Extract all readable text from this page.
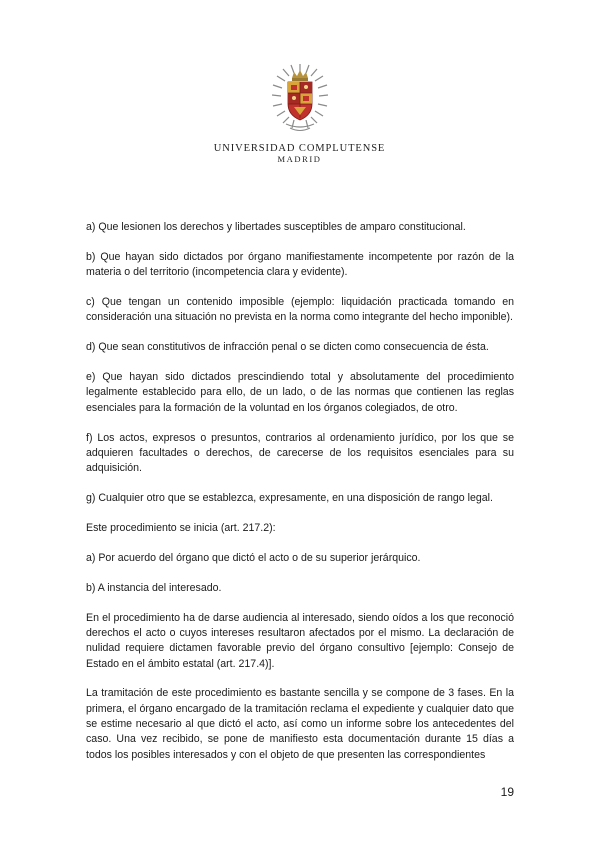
UNIVERSIDAD COMPLUTENSE
MADRID

a) Que lesionen los derechos y libertades susceptibles de amparo constitucional.

b) Que hayan sido dictados por órgano manifiestamente incompetente por razón de la materia o del territorio (incompetencia clara y evidente).

c) Que tengan un contenido imposible (ejemplo: liquidación practicada tomando en consideración una situación no prevista en la norma como integrante del hecho imponible).

d) Que sean constitutivos de infracción penal o se dicten como consecuencia de ésta.

e) Que hayan sido dictados prescindiendo total y absolutamente del procedimiento legalmente establecido para ello, de un lado, o de las normas que contienen las reglas esenciales para la formación de la voluntad en los órganos colegiados, de otro.

f) Los actos, expresos o presuntos, contrarios al ordenamiento jurídico, por los que se adquieren facultades o derechos, de carecerse de los requisitos esenciales para su adquisición.

g) Cualquier otro que se establezca, expresamente, en una disposición de rango legal.

Este procedimiento se inicia (art. 217.2):

a) Por acuerdo del órgano que dictó el acto o de su superior jerárquico.

b) A instancia del interesado.

En el procedimiento ha de darse audiencia al interesado, siendo oídos a los que reconoció derechos el acto o cuyos intereses resultaron afectados por el mismo. La declaración de nulidad requiere dictamen favorable previo del órgano consultivo [ejemplo: Consejo de Estado en el ámbito estatal (art. 217.4)].

La tramitación de este procedimiento es bastante sencilla y se compone de 3 fases. En la primera, el órgano encargado de la tramitación reclama el expediente y cualquier dato que se estime necesario al que dictó el acto, así como un informe sobre los antecedentes del caso. Una vez recibido, se pone de manifiesto esta documentación durante 15 días a todos los posibles interesados y con el objeto de que presenten las correspondientes

19
